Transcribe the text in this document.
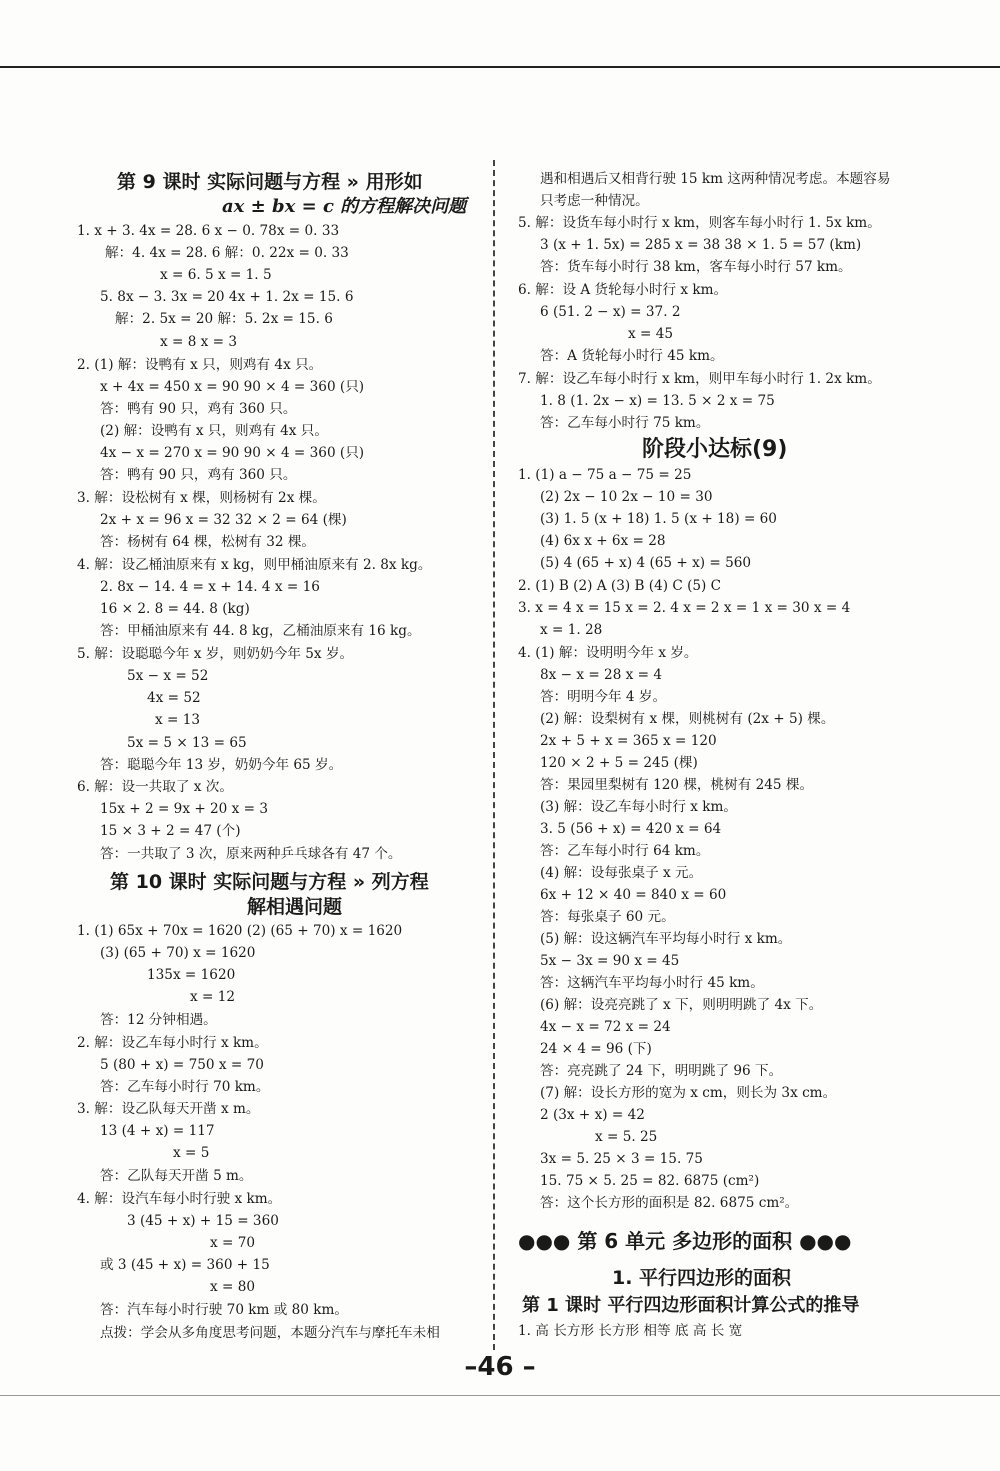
第 9 课时 实际问题与方程 » 用形如
ax ± bx = c 的方程解决问题
1. x + 3. 4x = 28. 6 x − 0. 78x = 0. 33
解：4. 4x = 28. 6 解：0. 22x = 0. 33
x = 6. 5 x = 1. 5
5. 8x − 3. 3x = 20 4x + 1. 2x = 15. 6
解：2. 5x = 20 解：5. 2x = 15. 6
x = 8 x = 3
2. (1) 解：设鸭有 x 只，则鸡有 4x 只。
x + 4x = 450 x = 90 90 × 4 = 360 (只)
答：鸭有 90 只，鸡有 360 只。
(2) 解：设鸭有 x 只，则鸡有 4x 只。
4x − x = 270 x = 90 90 × 4 = 360 (只)
答：鸭有 90 只，鸡有 360 只。
3. 解：设松树有 x 棵，则杨树有 2x 棵。
2x + x = 96 x = 32 32 × 2 = 64 (棵)
答：杨树有 64 棵，松树有 32 棵。
4. 解：设乙桶油原来有 x kg，则甲桶油原来有 2. 8x kg。
2. 8x − 14. 4 = x + 14. 4 x = 16
16 × 2. 8 = 44. 8 (kg)
答：甲桶油原来有 44. 8 kg，乙桶油原来有 16 kg。
5. 解：设聪聪今年 x 岁，则奶奶今年 5x 岁。
5x − x = 52
4x = 52
x = 13
5x = 5 × 13 = 65
答：聪聪今年 13 岁，奶奶今年 65 岁。
6. 解：设一共取了 x 次。
15x + 2 = 9x + 20 x = 3
15 × 3 + 2 = 47 (个)
答：一共取了 3 次，原来两种乒乓球各有 47 个。
第 10 课时 实际问题与方程 » 列方程
解相遇问题
1. (1) 65x + 70x = 1620 (2) (65 + 70) x = 1620
(3) (65 + 70) x = 1620
135x = 1620
x = 12
答：12 分钟相遇。
2. 解：设乙车每小时行 x km。
5 (80 + x) = 750 x = 70
答：乙车每小时行 70 km。
3. 解：设乙队每天开凿 x m。
13 (4 + x) = 117
x = 5
答：乙队每天开凿 5 m。
4. 解：设汽车每小时行驶 x km。
3 (45 + x) + 15 = 360
x = 70
或 3 (45 + x) = 360 + 15
x = 80
答：汽车每小时行驶 70 km 或 80 km。
点拨：学会从多角度思考问题，本题分汽车与摩托车未相
遇和相遇后又相背行驶 15 km 这两种情况考虑。本题容易
只考虑一种情况。
5. 解：设货车每小时行 x km，则客车每小时行 1. 5x km。
3 (x + 1. 5x) = 285 x = 38 38 × 1. 5 = 57 (km)
答：货车每小时行 38 km，客车每小时行 57 km。
6. 解：设 A 货轮每小时行 x km。
6 (51. 2 − x) = 37. 2
x = 45
答：A 货轮每小时行 45 km。
7. 解：设乙车每小时行 x km，则甲车每小时行 1. 2x km。
1. 8 (1. 2x − x) = 13. 5 × 2 x = 75
答：乙车每小时行 75 km。
阶段小达标(9)
1. (1) a − 75 a − 75 = 25
(2) 2x − 10 2x − 10 = 30
(3) 1. 5 (x + 18) 1. 5 (x + 18) = 60
(4) 6x x + 6x = 28
(5) 4 (65 + x) 4 (65 + x) = 560
2. (1) B (2) A (3) B (4) C (5) C
3. x = 4 x = 15 x = 2. 4 x = 2 x = 1 x = 30 x = 4
x = 1. 28
4. (1) 解：设明明今年 x 岁。
8x − x = 28 x = 4
答：明明今年 4 岁。
(2) 解：设梨树有 x 棵，则桃树有 (2x + 5) 棵。
2x + 5 + x = 365 x = 120
120 × 2 + 5 = 245 (棵)
答：果园里梨树有 120 棵，桃树有 245 棵。
(3) 解：设乙车每小时行 x km。
3. 5 (56 + x) = 420 x = 64
答：乙车每小时行 64 km。
(4) 解：设每张桌子 x 元。
6x + 12 × 40 = 840 x = 60
答：每张桌子 60 元。
(5) 解：设这辆汽车平均每小时行 x km。
5x − 3x = 90 x = 45
答：这辆汽车平均每小时行 45 km。
(6) 解：设亮亮跳了 x 下，则明明跳了 4x 下。
4x − x = 72 x = 24
24 × 4 = 96 (下)
答：亮亮跳了 24 下，明明跳了 96 下。
(7) 解：设长方形的宽为 x cm，则长为 3x cm。
2 (3x + x) = 42
x = 5. 25
3x = 5. 25 × 3 = 15. 75
15. 75 × 5. 25 = 82. 6875 (cm²)
答：这个长方形的面积是 82. 6875 cm²。
●●● 第 6 单元 多边形的面积 ●●●
1. 平行四边形的面积
第 1 课时 平行四边形面积计算公式的推导
1. 高 长方形 长方形 相等 底 高 长 宽
–46 –
